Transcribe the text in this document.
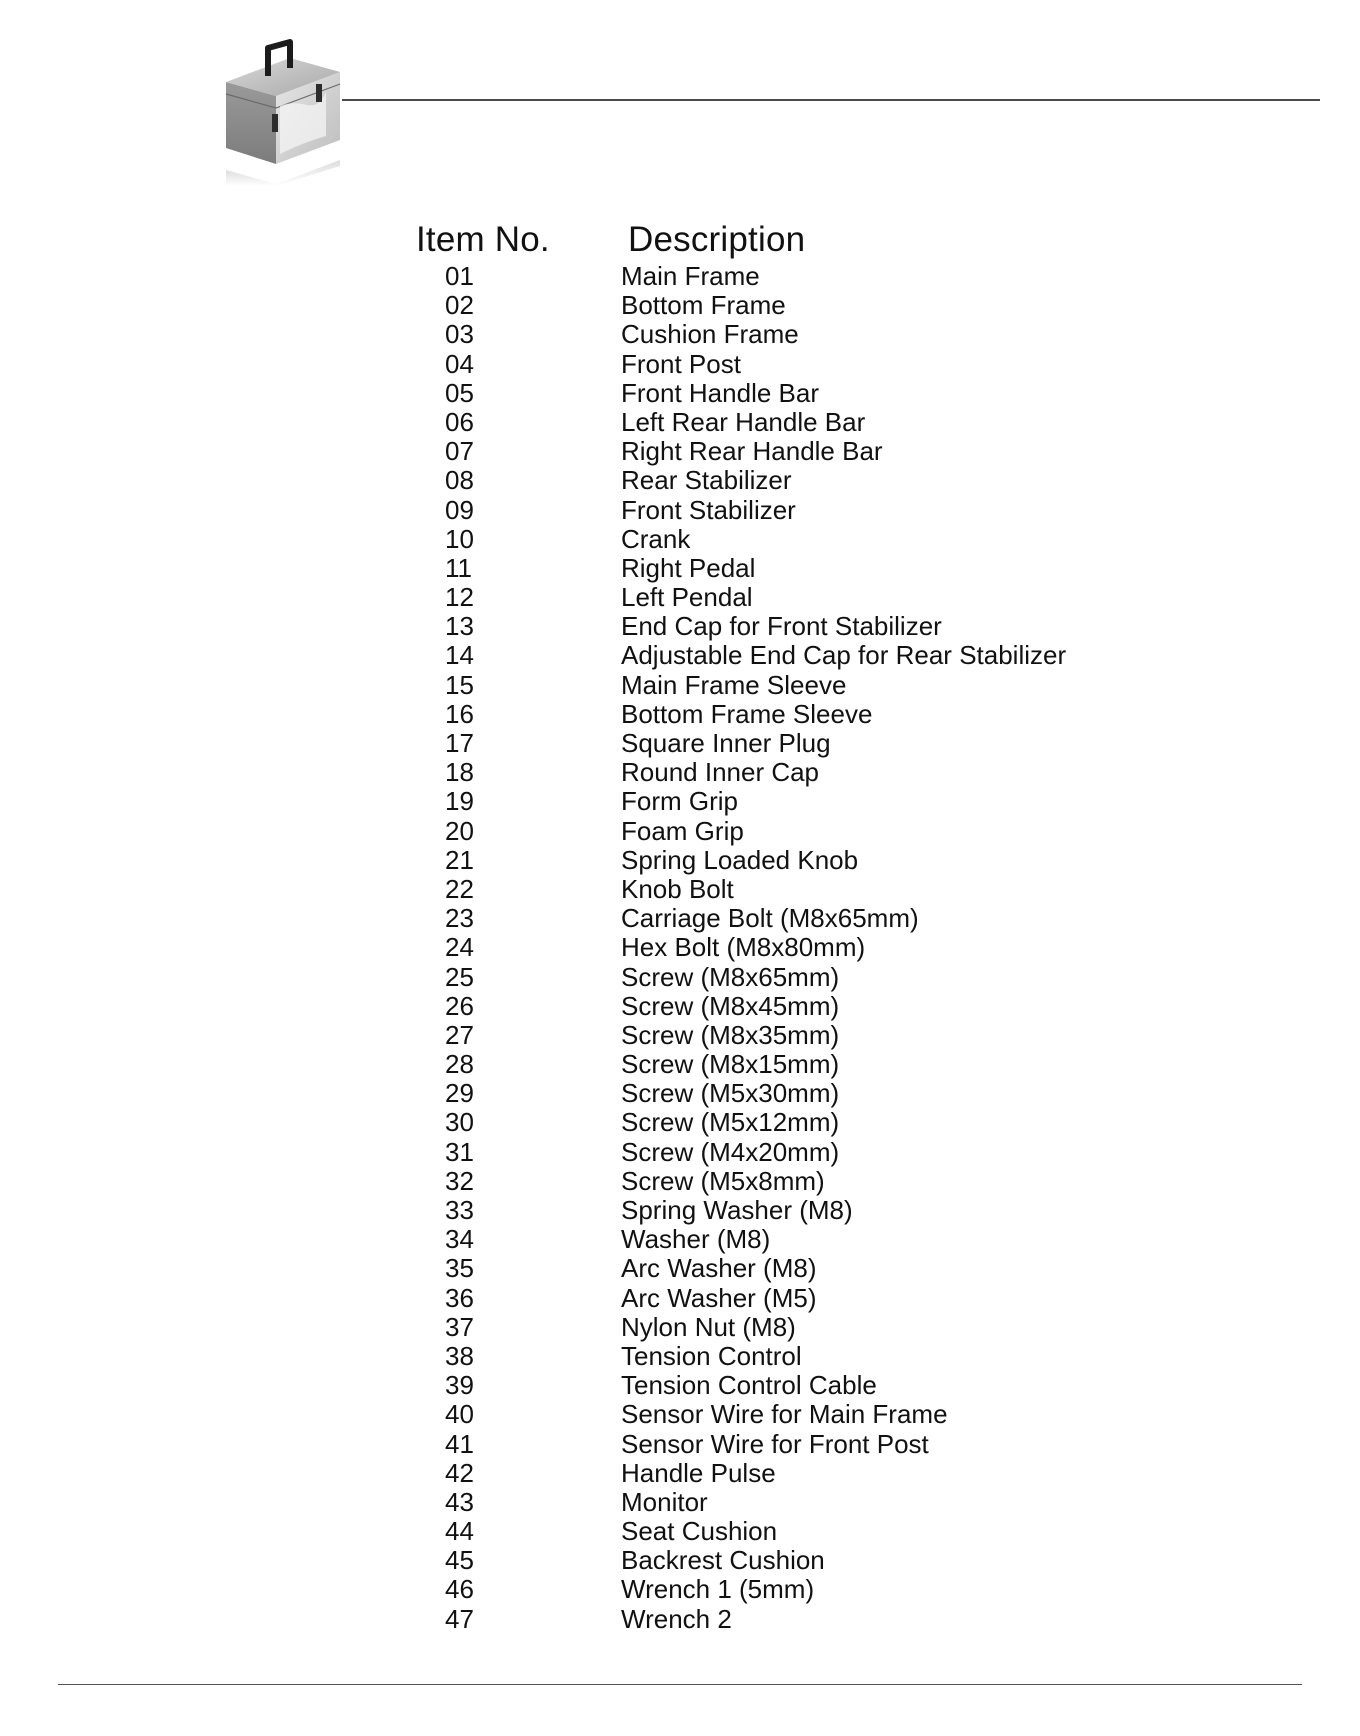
Item No. Description
01	Main Frame
02	Bottom Frame
03	Cushion Frame
04	Front Post
05	Front Handle Bar
06	Left Rear Handle Bar
07	Right Rear Handle Bar
08	Rear Stabilizer
09	Front Stabilizer
10	Crank
11	Right Pedal
12	Left Pendal
13	End Cap for Front Stabilizer
14	Adjustable End Cap for Rear Stabilizer
15	Main Frame Sleeve
16	Bottom Frame Sleeve
17	Square Inner Plug
18	Round Inner Cap
19	Form Grip
20	Foam Grip
21	Spring Loaded Knob
22	Knob Bolt
23	Carriage Bolt (M8x65mm)
24	Hex Bolt (M8x80mm)
25	Screw (M8x65mm)
26	Screw (M8x45mm)
27	Screw (M8x35mm)
28	Screw (M8x15mm)
29	Screw (M5x30mm)
30	Screw (M5x12mm)
31	Screw (M4x20mm)
32	Screw (M5x8mm)
33	Spring Washer (M8)
34	Washer (M8)
35	Arc Washer (M8)
36	Arc Washer (M5)
37	Nylon Nut (M8)
38	Tension Control
39	Tension Control Cable
40	Sensor Wire for Main Frame
41	Sensor Wire for Front Post
42	Handle Pulse
43	Monitor
44	Seat Cushion
45	Backrest Cushion
46	Wrench 1 (5mm)
47	Wrench 2
